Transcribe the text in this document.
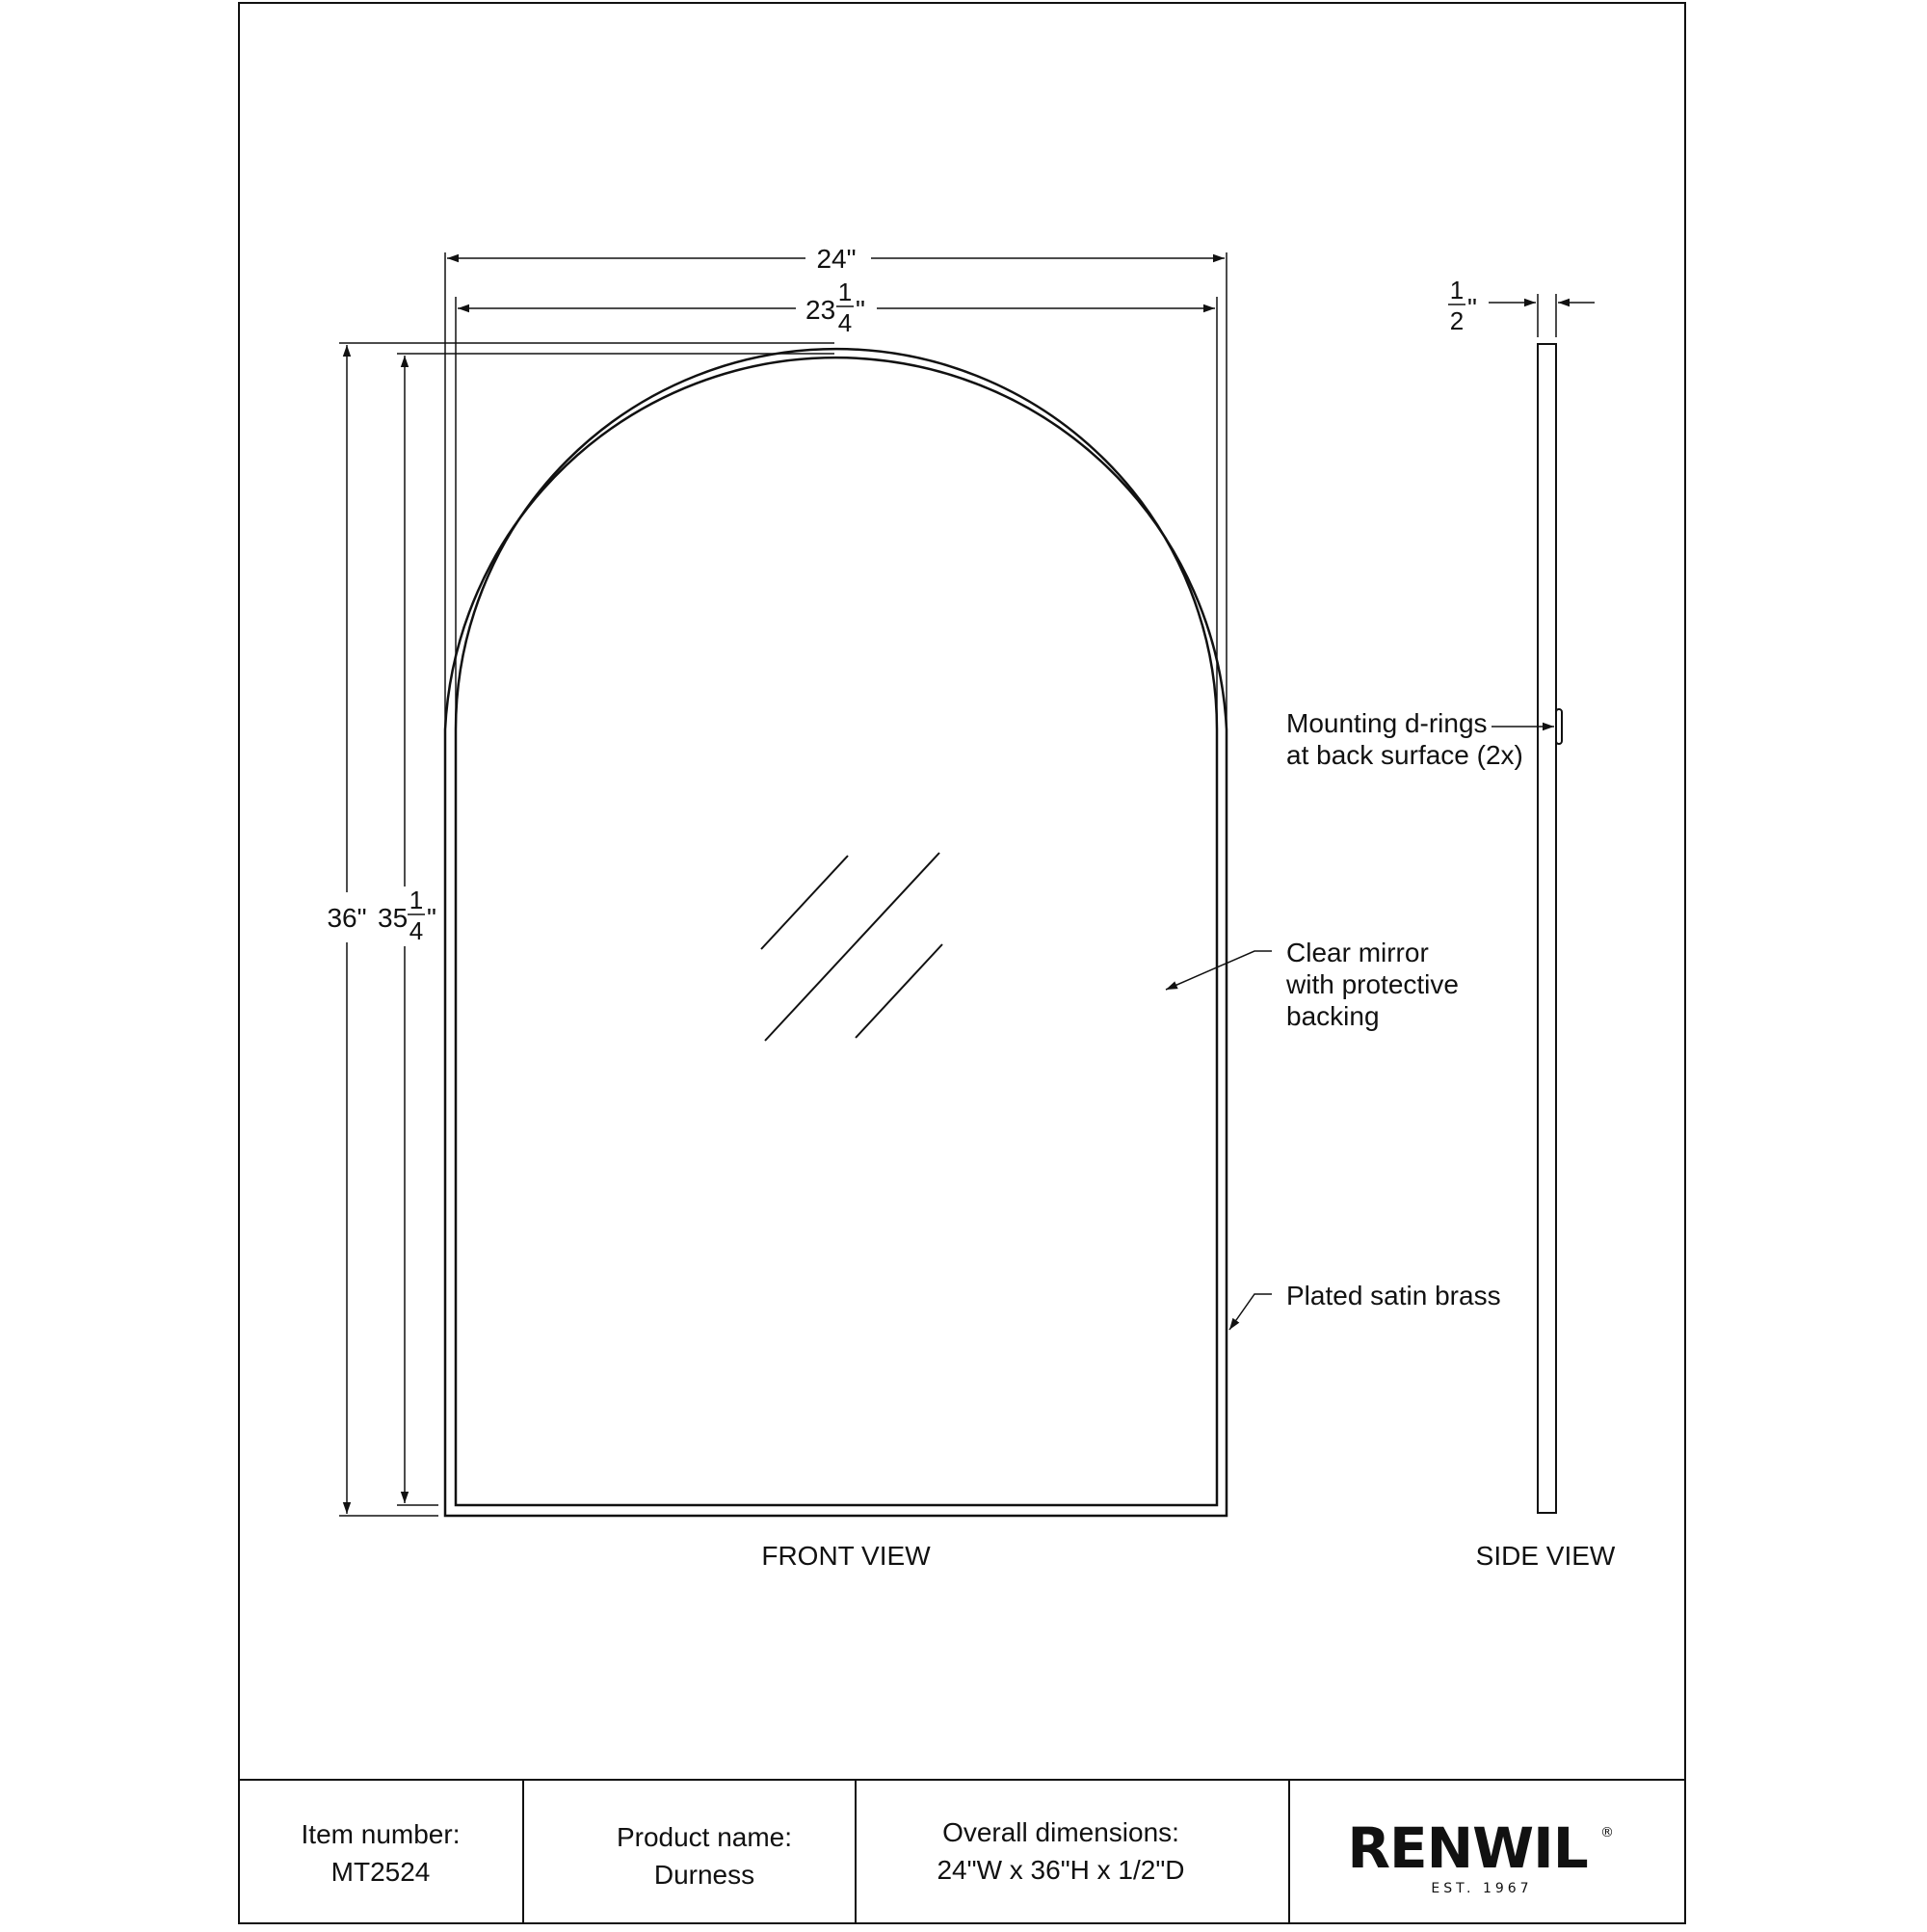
24"
23
1
4 "
36" 35
1
4 "
FRONT VIEW
1
2 "
SIDE VIEW
Mounting d-rings
at back surface (2x)
Clear mirror
with protective
backing
Plated satin brass
Item number:
MT2524
Product name:
Durness
Overall dimensions:
24"W x 36"H x 1/2"D	RENWIL ®
EST. 1967
